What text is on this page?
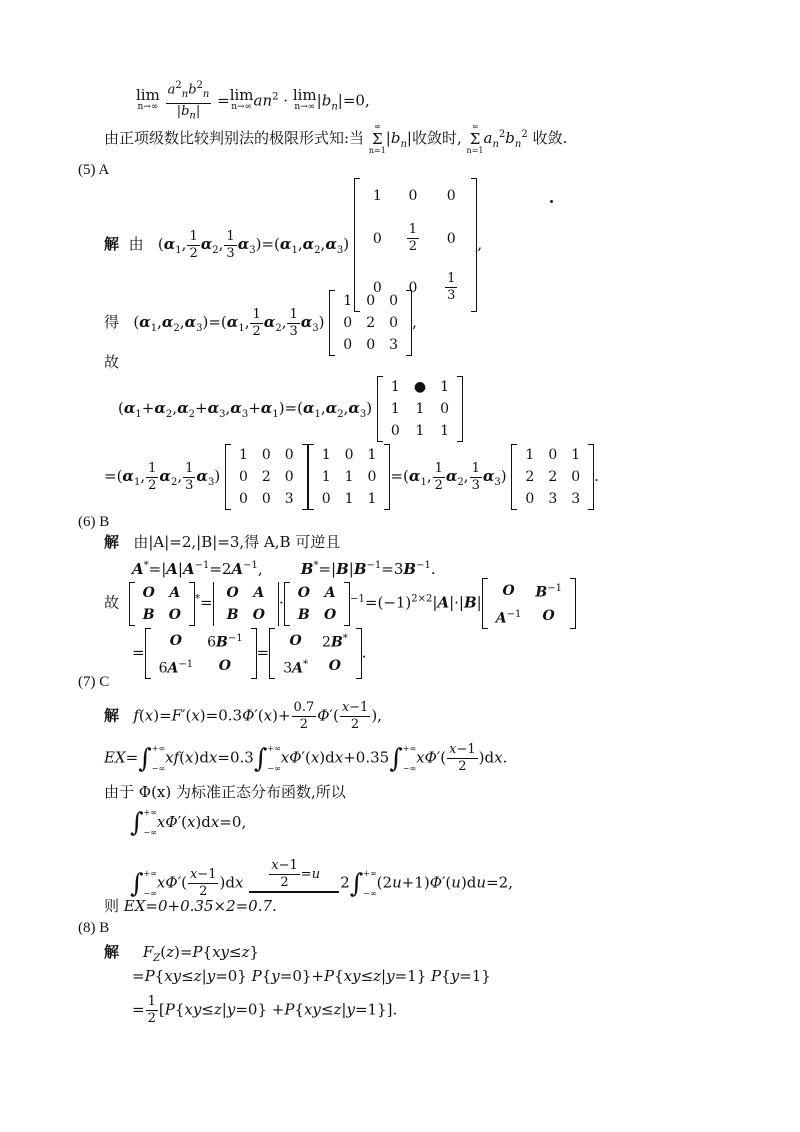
lim
n→∞
$\frac{a^2_nb^2_n}{|b_n|} = \lim$
n→∞ $an^2 \cdot \lim$
n→∞ $|b_n|=0$,
由正项级数比较判别法的极限形式知:当
∞
Σ
n=1
$|b_n|$收敛时,
∞
Σ
n=1
$a_n^2b_n^2$ 收敛.
(5) A
解 由   ($\alpha_1$, $\frac{1}{2} \alpha_2$, $\frac{1}{3} \alpha_3)=(\alpha_1,\alpha_2,\alpha_3)$
1	0	0
0	$\frac{1}{2}$	0
0	0	$\frac{1}{3}$
,
得   $(\alpha_1,\alpha_2,\alpha_3)=(\alpha_1$, $\frac{1}{2} \alpha_2$, $\frac{1}{3} \alpha_3$)
1	0	0
0	2	0
0	0	3
,
故
$(\alpha_1+\alpha_2,\alpha_2+\alpha_3,\alpha_3+\alpha_1)=(\alpha_1,\alpha_2,\alpha_3)$
1	●	1
1	1	0
0	1	1
$=(\alpha_1$, $\frac{1}{2} \alpha_2$, $\frac{1}{3} \alpha_3$)
1	0	0
0	2	0
0	0	3
1	0	1
1	1	0
0	1	1
$=(\alpha_1$, $\frac{1}{2} \alpha_2$, $\frac{1}{3} \alpha_3$)
1	0	1
2	2	0
0	3	3
.
(6) B
解 由|A|=2,|B|=3,得 A,B 可逆且
$A^*=|A|A^{-1}=2A^{-1}$,        $B^*=|B|B^{-1}=3B^{-1}$.
故
O	A
B	O
*=
O	A
B	O
·
O	A
B	O
$^{-1}=(-1)^{2\times 2}|A|\cdot|B|$
O	$B^{-1}$
$A^{-1}$	O
=
O	$6B^{-1}$
$6A^{-1}$	O
=
O	2B*
3A*	O
.
(7) C
解 $f(x)=F'(x)=0.3\Phi'(x)+ \frac{0.7}{2} \Phi'( \frac{x-1}{2}$ ),
EX=∫ +∞

−∞
xf(x)dx=0.3∫ +∞

−∞
xΦ′(x)dx+0.35∫ +∞

−∞
$x\Phi'( \frac{x-1}{2} )dx$.
由于 Φ(x) 为标准正态分布函数,所以
∫ +∞

−∞
xΦ′(x)dx=0,
∫ +∞

−∞
$x\Phi'( \frac{x-1}{2} )dx \frac{x-1}{2} =u$
	2∫ +∞

−∞
(2u+1)Φ′(u)du=2,
则 EX=0+0.35×2=0.7.
(8) B
解 $F_Z(z)=P\{xy\le z\}$
=P{xy≤z|y=0} P{y=0}+P{xy≤z|y=1} P{y=1}
= $\frac{1}{2} [P\{xy\le z|y=0\} +P\{xy\le z|y=1\}]$.
